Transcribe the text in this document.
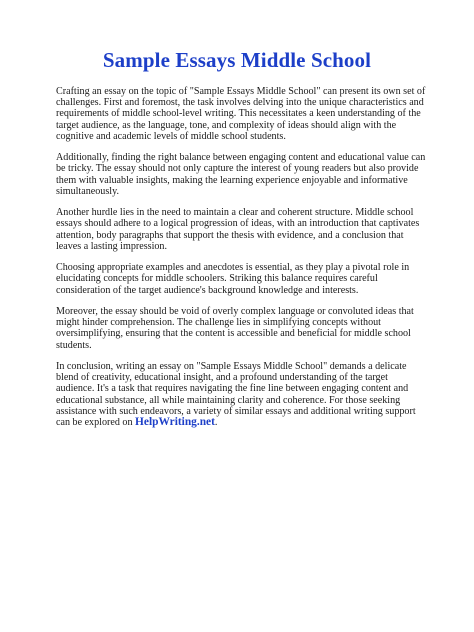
Sample Essays Middle School

Crafting an essay on the topic of "Sample Essays Middle School" can present its own set of challenges. First and foremost, the task involves delving into the unique characteristics and requirements of middle school-level writing. This necessitates a keen understanding of the target audience, as the language, tone, and complexity of ideas should align with the cognitive and academic levels of middle school students.

Additionally, finding the right balance between engaging content and educational value can be tricky. The essay should not only capture the interest of young readers but also provide them with valuable insights, making the learning experience enjoyable and informative simultaneously.

Another hurdle lies in the need to maintain a clear and coherent structure. Middle school essays should adhere to a logical progression of ideas, with an introduction that captivates attention, body paragraphs that support the thesis with evidence, and a conclusion that leaves a lasting impression.

Choosing appropriate examples and anecdotes is essential, as they play a pivotal role in elucidating concepts for middle schoolers. Striking this balance requires careful consideration of the target audience's background knowledge and interests.

Moreover, the essay should be void of overly complex language or convoluted ideas that might hinder comprehension. The challenge lies in simplifying concepts without oversimplifying, ensuring that the content is accessible and beneficial for middle school students.

In conclusion, writing an essay on "Sample Essays Middle School" demands a delicate blend of creativity, educational insight, and a profound understanding of the target audience. It's a task that requires navigating the fine line between engaging content and educational substance, all while maintaining clarity and coherence. For those seeking assistance with such endeavors, a variety of similar essays and additional writing support can be explored on HelpWriting.net.
